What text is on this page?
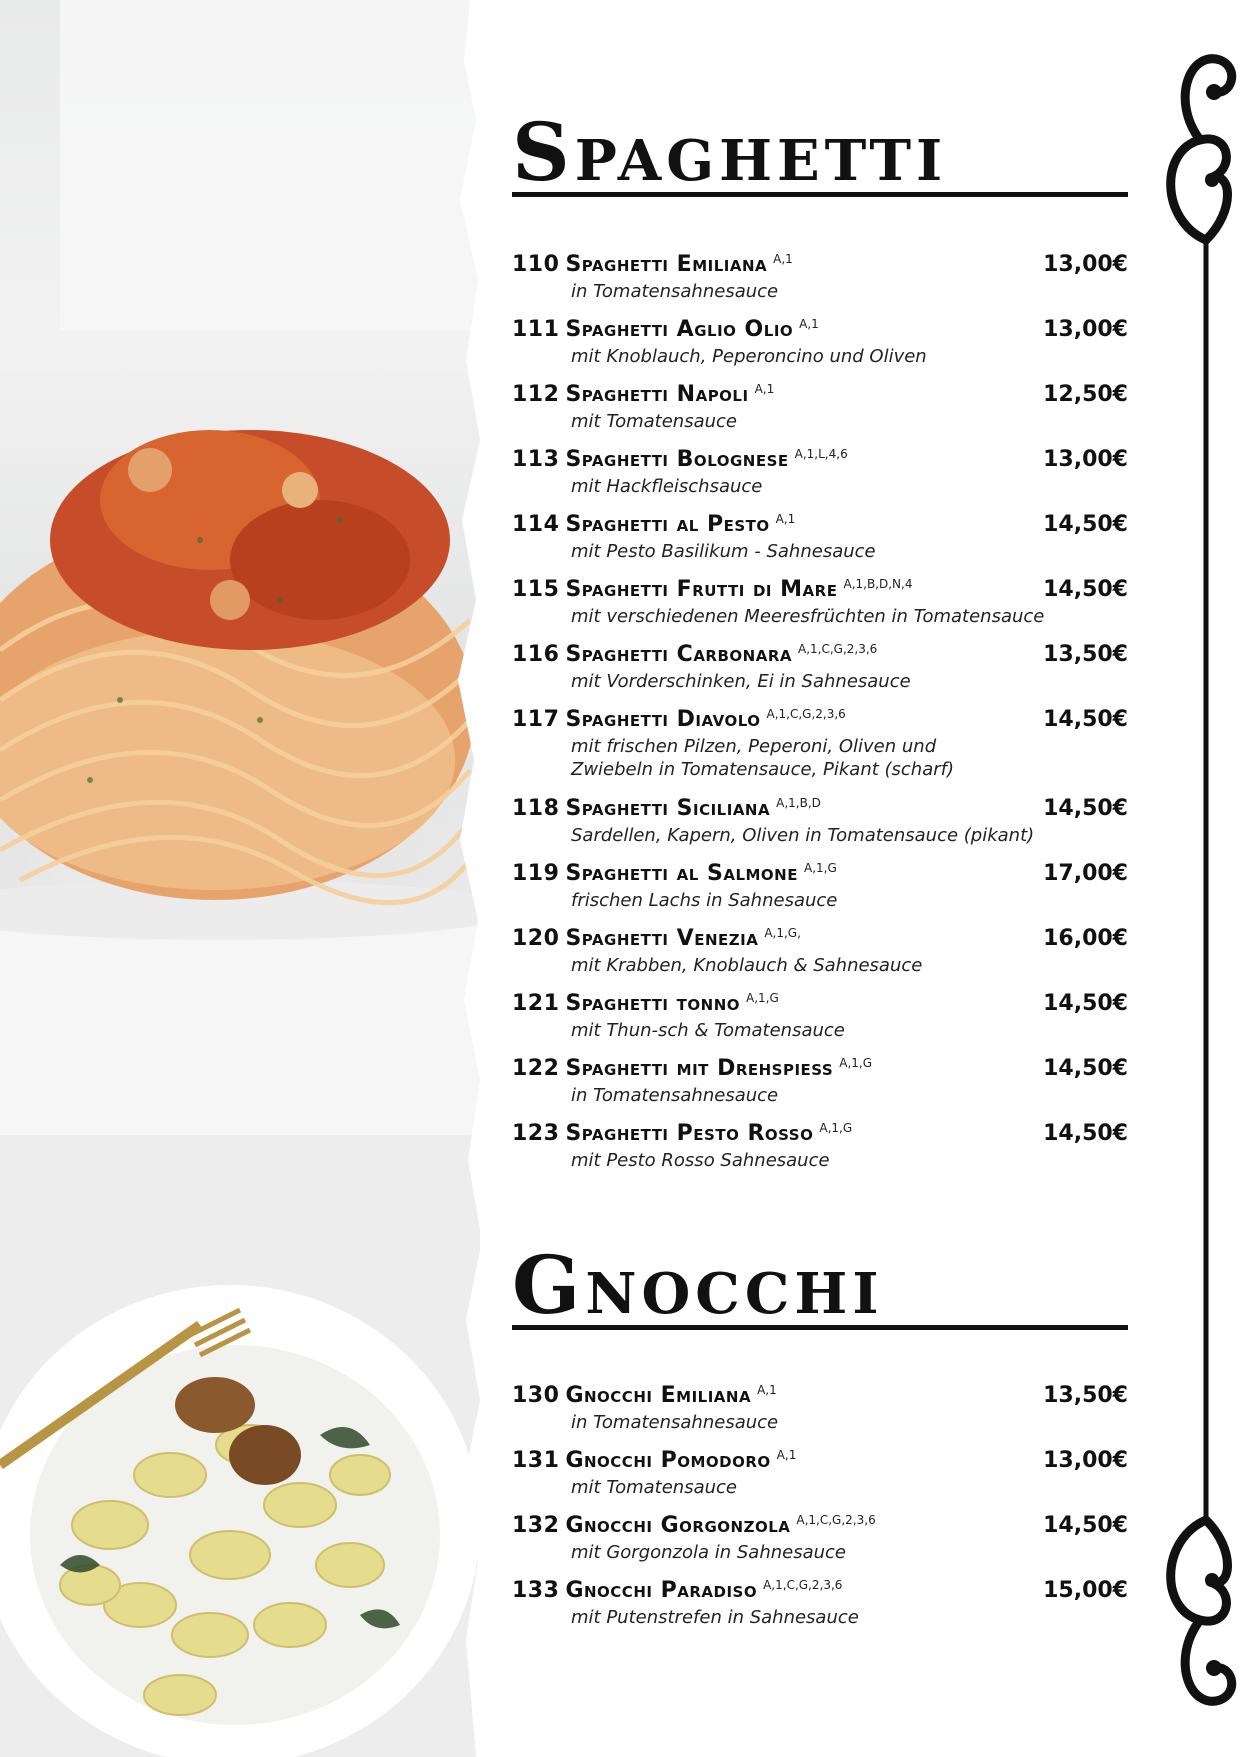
Spaghetti
110 Spaghetti Emiliana $^{A,1}$	13,00€
in Tomatensahnesauce
111 Spaghetti Aglio Olio $^{A,1}$	13,00€
mit Knoblauch, Peperoncino und Oliven
112 Spaghetti Napoli $^{A,1}$	12,50€
mit Tomatensauce
113 Spaghetti Bolognese $^{A,1,L,4,6}$	13,00€
mit Hackfleischsauce
114 Spaghetti al Pesto $^{A,1}$	14,50€
mit Pesto Basilikum - Sahnesauce
115 Spaghetti Frutti di Mare $^{A,1,B,D,N,4}$	14,50€
mit verschiedenen Meeresfrüchten in Tomatensauce
116 Spaghetti Carbonara $^{A,1,C,G,2,3,6}$	13,50€
mit Vorderschinken, Ei in Sahnesauce
117 Spaghetti Diavolo $^{A,1,C,G,2,3,6}$	14,50€
mit frischen Pilzen, Peperoni, Oliven und
Zwiebeln in Tomatensauce, Pikant (scharf)
118 Spaghetti Siciliana $^{A,1,B,D}$	14,50€
Sardellen, Kapern, Oliven in Tomatensauce (pikant)
119 Spaghetti al Salmone $^{A,1,G}$	17,00€
frischen Lachs in Sahnesauce
120 Spaghetti Venezia $^{A,1,G,}$	16,00€
mit Krabben, Knoblauch & Sahnesauce
121 Spaghetti tonno $^{A,1,G}$	14,50€
mit Thun-sch & Tomatensauce
122 Spaghetti mit Drehspiess $^{A,1,G}$	14,50€
in Tomatensahnesauce
123 Spaghetti Pesto Rosso $^{A,1,G}$	14,50€
mit Pesto Rosso Sahnesauce
Gnocchi
130 Gnocchi Emiliana $^{A,1}$	13,50€
in Tomatensahnesauce
131 Gnocchi Pomodoro $^{A,1}$	13,00€
mit Tomatensauce
132 Gnocchi Gorgonzola $^{A,1,C,G,2,3,6}$	14,50€
mit Gorgonzola in Sahnesauce
133 Gnocchi Paradiso $^{A,1,C,G,2,3,6}$	15,00€
mit Putenstrefen in Sahnesauce
